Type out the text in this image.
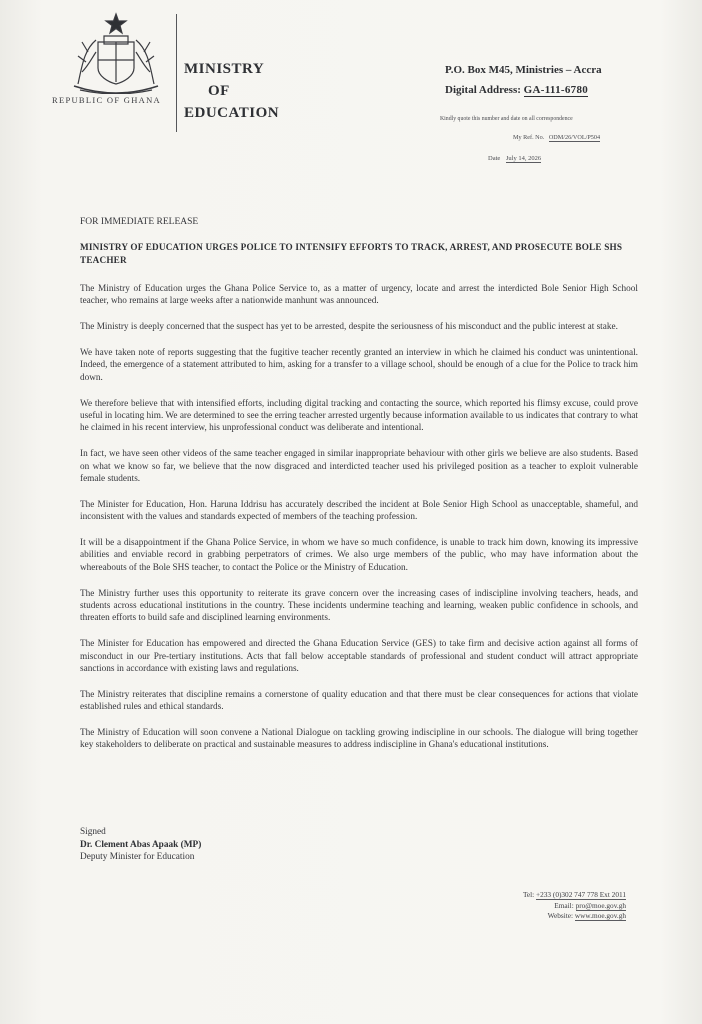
REPUBLIC OF GHANA
MINISTRY
OF
EDUCATION
P.O. Box M45, Ministries – Accra
Digital Address: GA-111-6780
Kindly quote this number and date on all correspondence
My Ref. No. ODM/26/VOL/P504
Date July 14, 2026
FOR IMMEDIATE RELEASE
MINISTRY OF EDUCATION URGES POLICE TO INTENSIFY EFFORTS TO TRACK, ARREST, AND PROSECUTE BOLE SHS TEACHER

The Ministry of Education urges the Ghana Police Service to, as a matter of urgency, locate and arrest the interdicted Bole Senior High School teacher, who remains at large weeks after a nationwide manhunt was announced.

The Ministry is deeply concerned that the suspect has yet to be arrested, despite the seriousness of his misconduct and the public interest at stake.

We have taken note of reports suggesting that the fugitive teacher recently granted an interview in which he claimed his conduct was unintentional. Indeed, the emergence of a statement attributed to him, asking for a transfer to a village school, should be enough of a clue for the Police to track him down.

We therefore believe that with intensified efforts, including digital tracking and contacting the source, which reported his flimsy excuse, could prove useful in locating him. We are determined to see the erring teacher arrested urgently because information available to us indicates that contrary to what he claimed in his recent interview, his unprofessional conduct was deliberate and intentional.

In fact, we have seen other videos of the same teacher engaged in similar inappropriate behaviour with other girls we believe are also students. Based on what we know so far, we believe that the now disgraced and interdicted teacher used his privileged position as a teacher to exploit vulnerable female students.

The Minister for Education, Hon. Haruna Iddrisu has accurately described the incident at Bole Senior High School as unacceptable, shameful, and inconsistent with the values and standards expected of members of the teaching profession.

It will be a disappointment if the Ghana Police Service, in whom we have so much confidence, is unable to track him down, knowing its impressive abilities and enviable record in grabbing perpetrators of crimes. We also urge members of the public, who may have information about the whereabouts of the Bole SHS teacher, to contact the Police or the Ministry of Education.

The Ministry further uses this opportunity to reiterate its grave concern over the increasing cases of indiscipline involving teachers, heads, and students across educational institutions in the country. These incidents undermine teaching and learning, weaken public confidence in schools, and threaten efforts to build safe and disciplined learning environments.

The Minister for Education has empowered and directed the Ghana Education Service (GES) to take firm and decisive action against all forms of misconduct in our Pre-tertiary institutions. Acts that fall below acceptable standards of professional and student conduct will attract appropriate sanctions in accordance with existing laws and regulations.

The Ministry reiterates that discipline remains a cornerstone of quality education and that there must be clear consequences for actions that violate established rules and ethical standards.

The Ministry of Education will soon convene a National Dialogue on tackling growing indiscipline in our schools. The dialogue will bring together key stakeholders to deliberate on practical and sustainable measures to address indiscipline in Ghana's educational institutions.

Signed
Dr. Clement Abas Apaak (MP)
Deputy Minister for Education
Tel: +233 (0)302 747 778 Ext 2011
Email: pro@moe.gov.gh
Website: www.moe.gov.gh
